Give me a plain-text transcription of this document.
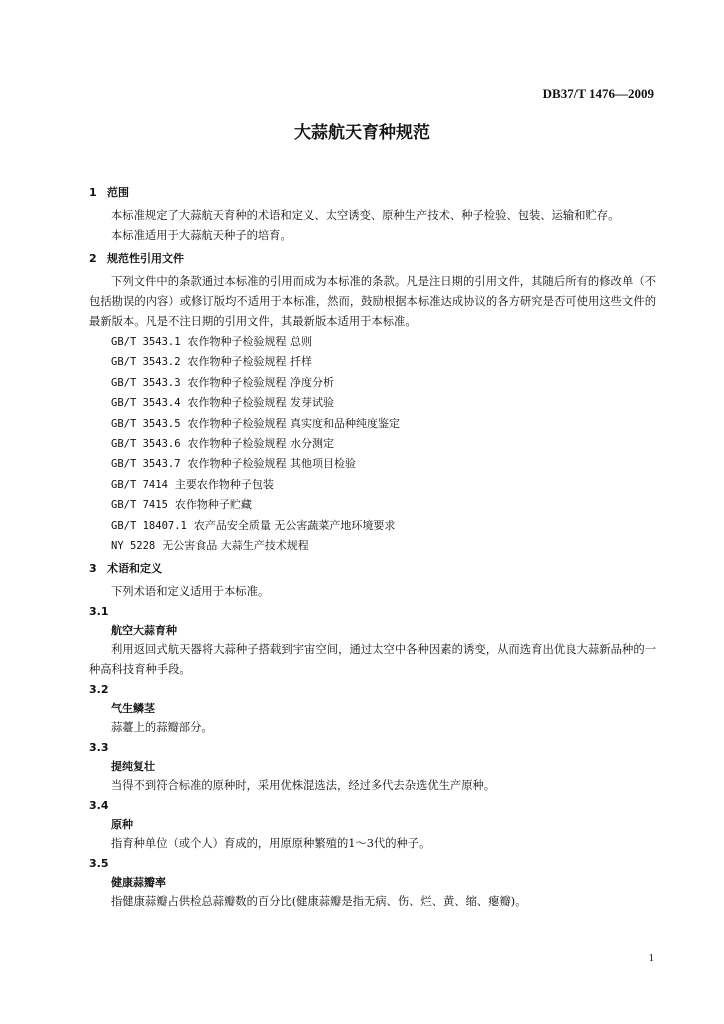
DB37/T 1476—2009
大蒜航天育种规范
1 范围

本标准规定了大蒜航天育种的术语和定义、太空诱变、原种生产技术、种子检验、包装、运输和贮存。

本标准适用于大蒜航天种子的培育。

2 规范性引用文件

下列文件中的条款通过本标准的引用而成为本标准的条款。凡是注日期的引用文件，其随后所有的修改单（不包括勘误的内容）或修订版均不适用于本标准，然而，鼓励根据本标准达成协议的各方研究是否可使用这些文件的最新版本。凡是不注日期的引用文件，其最新版本适用于本标准。

GB/T 3543.1 农作物种子检验规程 总则
GB/T 3543.2 农作物种子检验规程 扦样
GB/T 3543.3 农作物种子检验规程 净度分析
GB/T 3543.4 农作物种子检验规程 发芽试验
GB/T 3543.5 农作物种子检验规程 真实度和品种纯度鉴定
GB/T 3543.6 农作物种子检验规程 水分测定
GB/T 3543.7 农作物种子检验规程 其他项目检验
GB/T 7414 主要农作物种子包装
GB/T 7415 农作物种子贮藏
GB/T 18407.1 农产品安全质量 无公害蔬菜产地环境要求
NY 5228 无公害食品 大蒜生产技术规程
3 术语和定义

下列术语和定义适用于本标准。

3.1
航空大蒜育种

利用返回式航天器将大蒜种子搭载到宇宙空间，通过太空中各种因素的诱变，从而选育出优良大蒜新品种的一种高科技育种手段。

3.2
气生鳞茎

蒜薹上的蒜瓣部分。

3.3
提纯复壮

当得不到符合标准的原种时，采用优株混选法，经过多代去杂选优生产原种。

3.4
原种

指育种单位（或个人）育成的，用原原种繁殖的1～3代的种子。

3.5
健康蒜瓣率

指健康蒜瓣占供检总蒜瓣数的百分比(健康蒜瓣是指无病、伤、烂、黄、缩、瘪瓣)。

1
